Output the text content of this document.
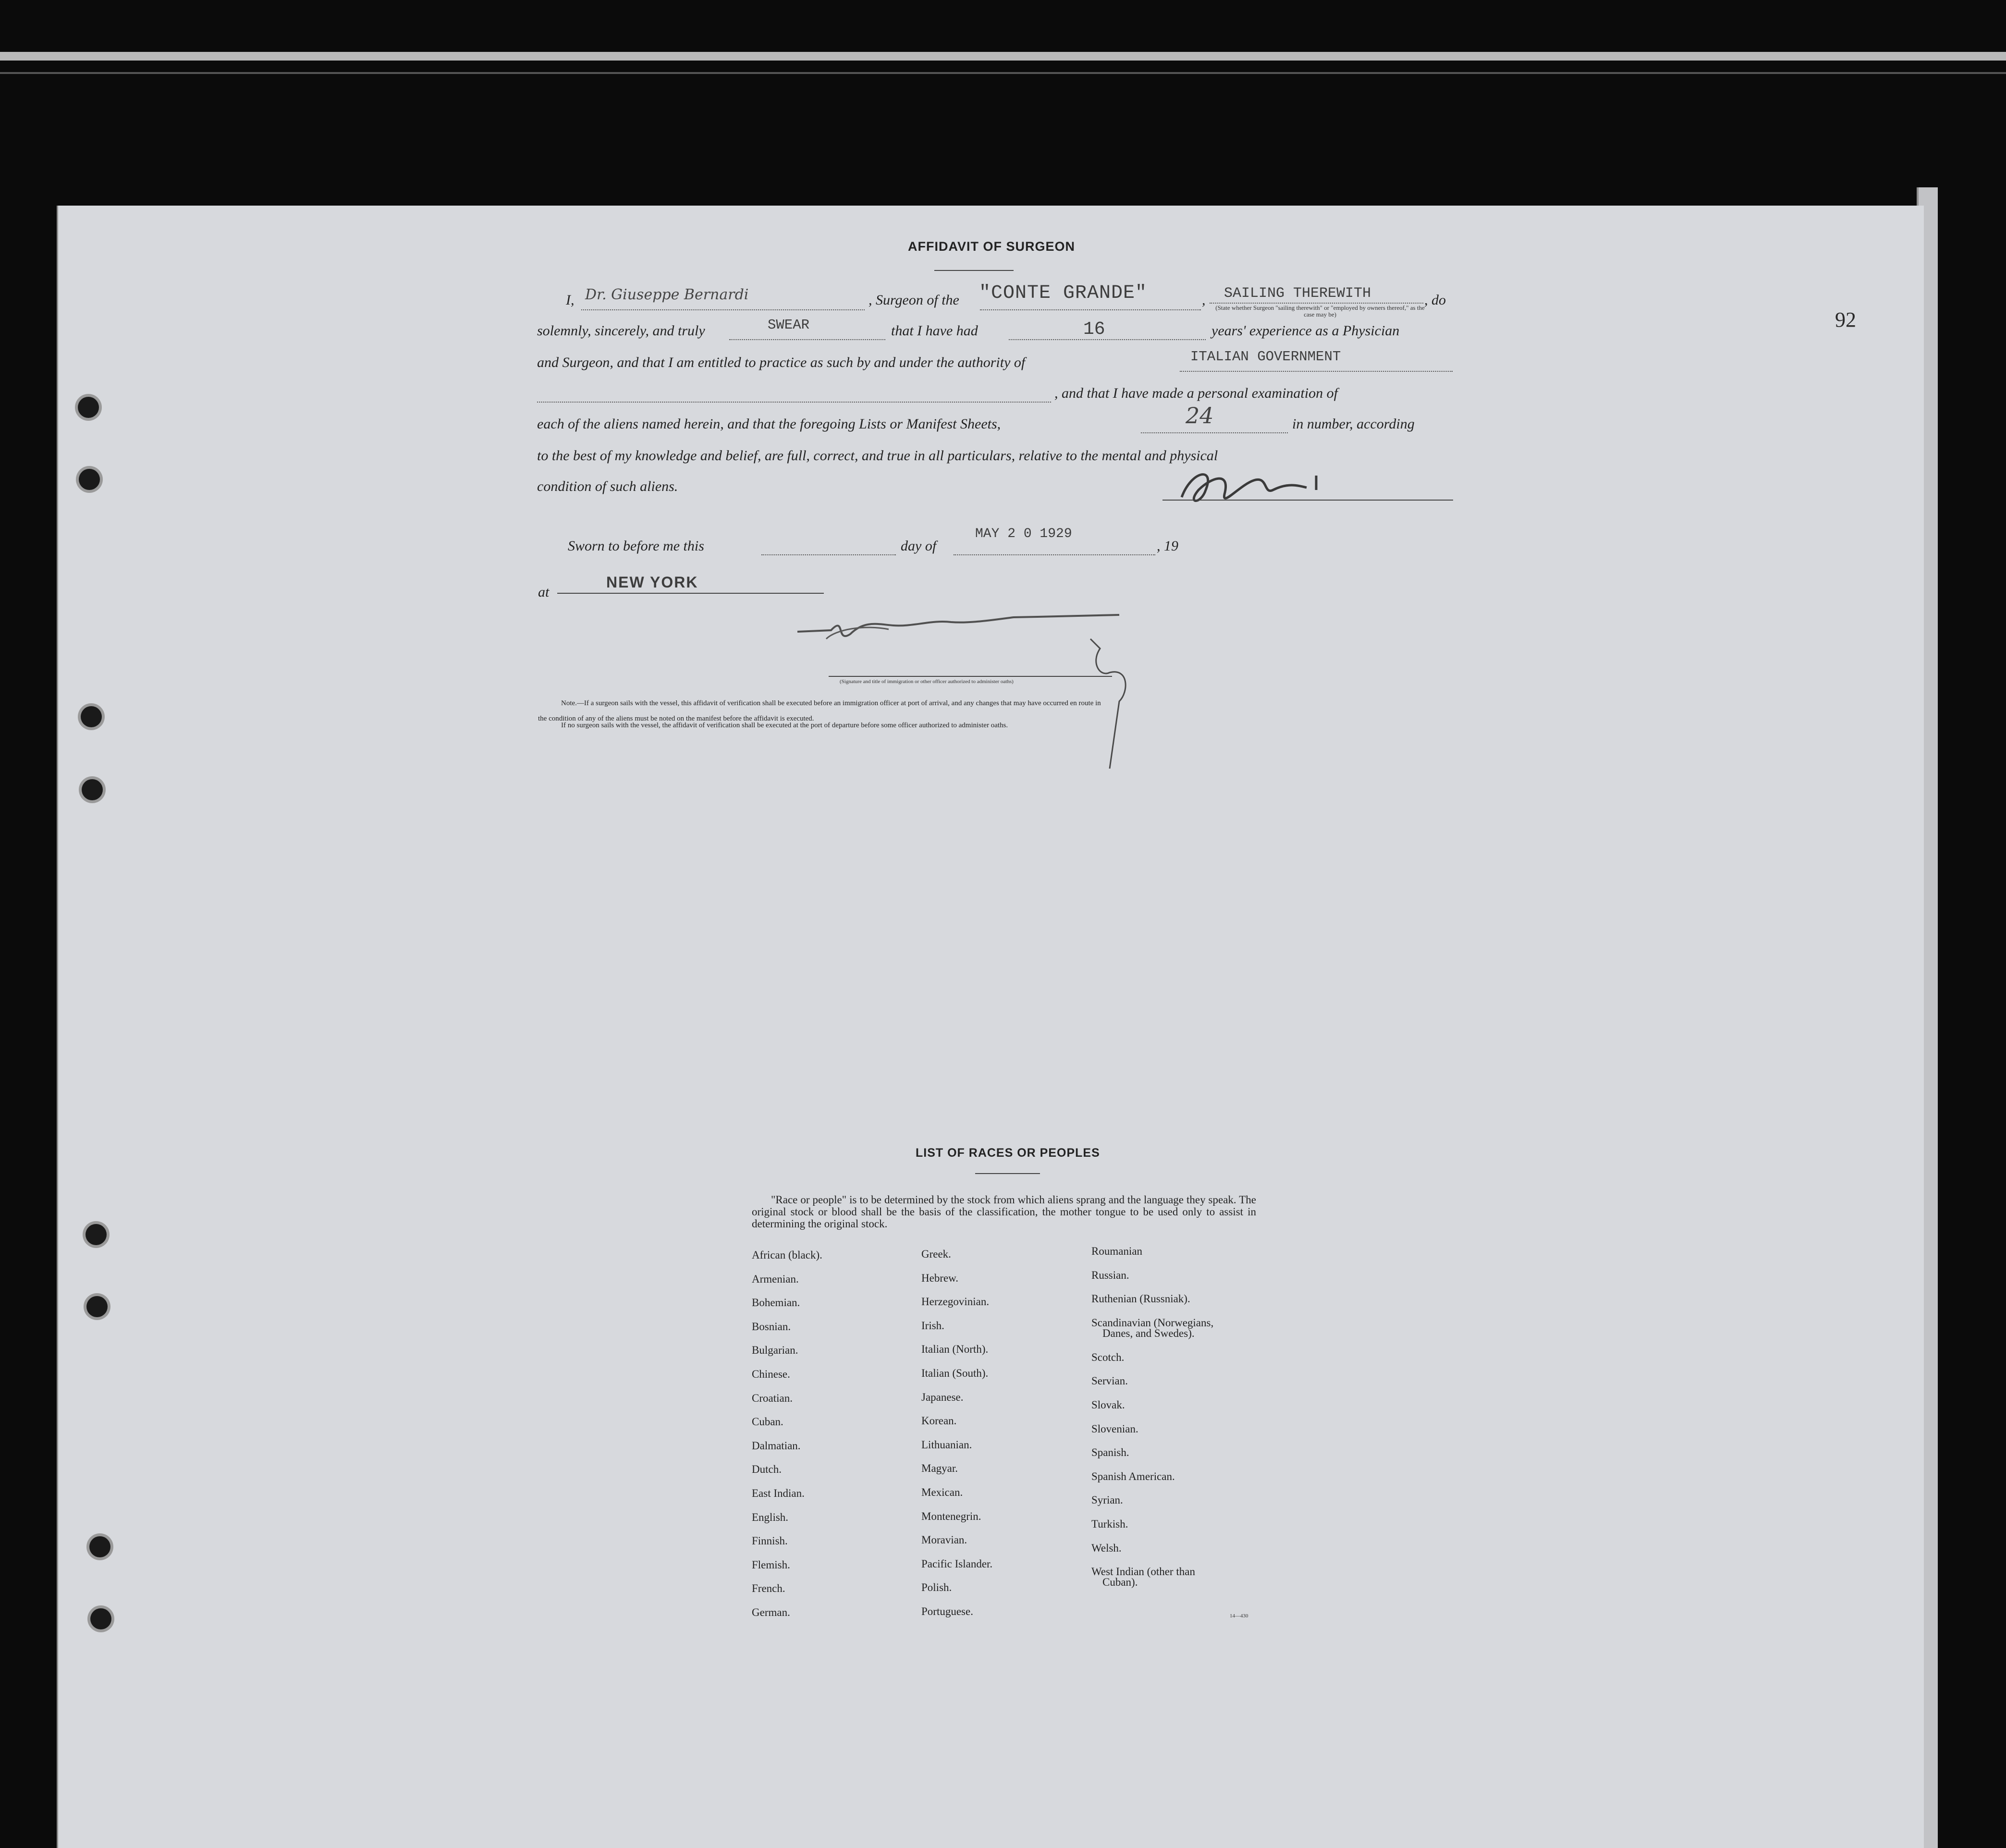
92
AFFIDAVIT OF SURGEON
I, Dr. Giuseppe Bernardi	, Surgeon of the "CONTE GRANDE"	, SAILING THEREWITH
(State whether Surgeon "sailing therewith" or "employed by owners thereof," as the case may be)
, do
solemnly, sincerely, and truly	SWEAR	that I have had	16	years' experience as a Physician
and Surgeon, and that I am entitled to practice as such by and under the authority of	ITALIAN GOVERNMENT
, and that I have made a personal examination of
each of the aliens named herein, and that the foregoing Lists or Manifest Sheets,	24	in number, according
to the best of my knowledge and belief, are full, correct, and true in all particulars, relative to the mental and physical
condition of such aliens.
Sworn to before me this	day of
MAY 2 0 1929
, 19
at
NEW YORK
(Signature and title of immigration or other officer authorized to administer oaths)
Note.—If a surgeon sails with the vessel, this affidavit of verification shall be executed before an immigration officer at port of arrival, and any changes that may have occurred en route in
the condition of any of the aliens must be noted on the manifest before the affidavit is executed.
If no surgeon sails with the vessel, the affidavit of verification shall be executed at the port of departure before some officer authorized to administer oaths.
LIST OF RACES OR PEOPLES
"Race or people" is to be determined by the stock from which aliens sprang and the language they speak. The original stock or blood shall be the basis of the classification, the mother tongue to be used only to assist in determining the original stock.
African (black).
Armenian.
Bohemian.
Bosnian.
Bulgarian.
Chinese.
Croatian.
Cuban.
Dalmatian.
Dutch.
East Indian.
English.
Finnish.
Flemish.
French.
German.
Greek.
Hebrew.
Herzegovinian.
Irish.
Italian (North).
Italian (South).
Japanese.
Korean.
Lithuanian.
Magyar.
Mexican.
Montenegrin.
Moravian.
Pacific Islander.
Polish.
Portuguese.
Roumanian
Russian.
Ruthenian (Russniak).
Scandinavian (Norwegians,
Danes, and Swedes).
Scotch.
Servian.
Slovak.
Slovenian.
Spanish.
Spanish American.
Syrian.
Turkish.
Welsh.
West Indian (other than
Cuban).
14—430
